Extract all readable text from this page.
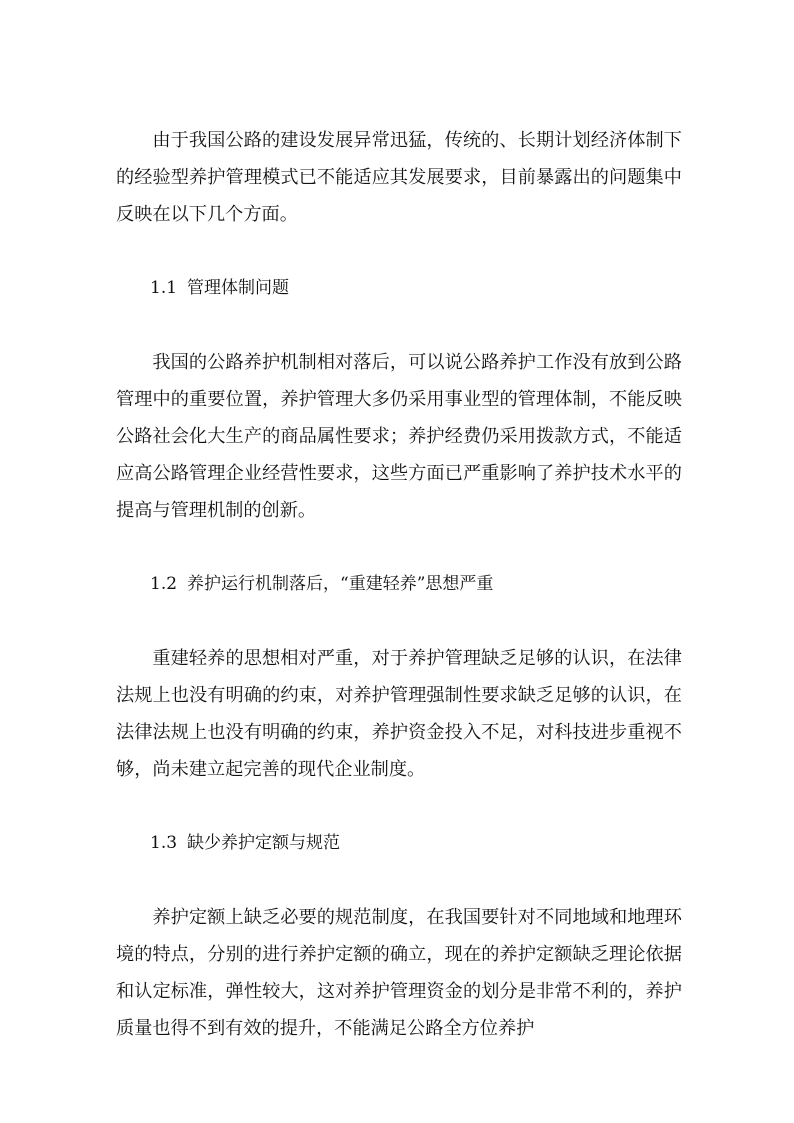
由于我国公路的建设发展异常迅猛，传统的、长期计划经济体制下的经验型养护管理模式已不能适应其发展要求，目前暴露出的问题集中反映在以下几个方面。

1.1 管理体制问题

我国的公路养护机制相对落后，可以说公路养护工作没有放到公路管理中的重要位置，养护管理大多仍采用事业型的管理体制，不能反映公路社会化大生产的商品属性要求；养护经费仍采用拨款方式，不能适应高公路管理企业经营性要求，这些方面已严重影响了养护技术水平的提高与管理机制的创新。

1.2 养护运行机制落后，“重建轻养”思想严重

重建轻养的思想相对严重，对于养护管理缺乏足够的认识，在法律法规上也没有明确的约束，对养护管理强制性要求缺乏足够的认识，在法律法规上也没有明确的约束，养护资金投入不足，对科技进步重视不够，尚未建立起完善的现代企业制度。

1.3 缺少养护定额与规范

养护定额上缺乏必要的规范制度，在我国要针对不同地域和地理环境的特点，分别的进行养护定额的确立，现在的养护定额缺乏理论依据和认定标准，弹性较大，这对养护管理资金的划分是非常不利的，养护质量也得不到有效的提升，不能满足公路全方位养护
